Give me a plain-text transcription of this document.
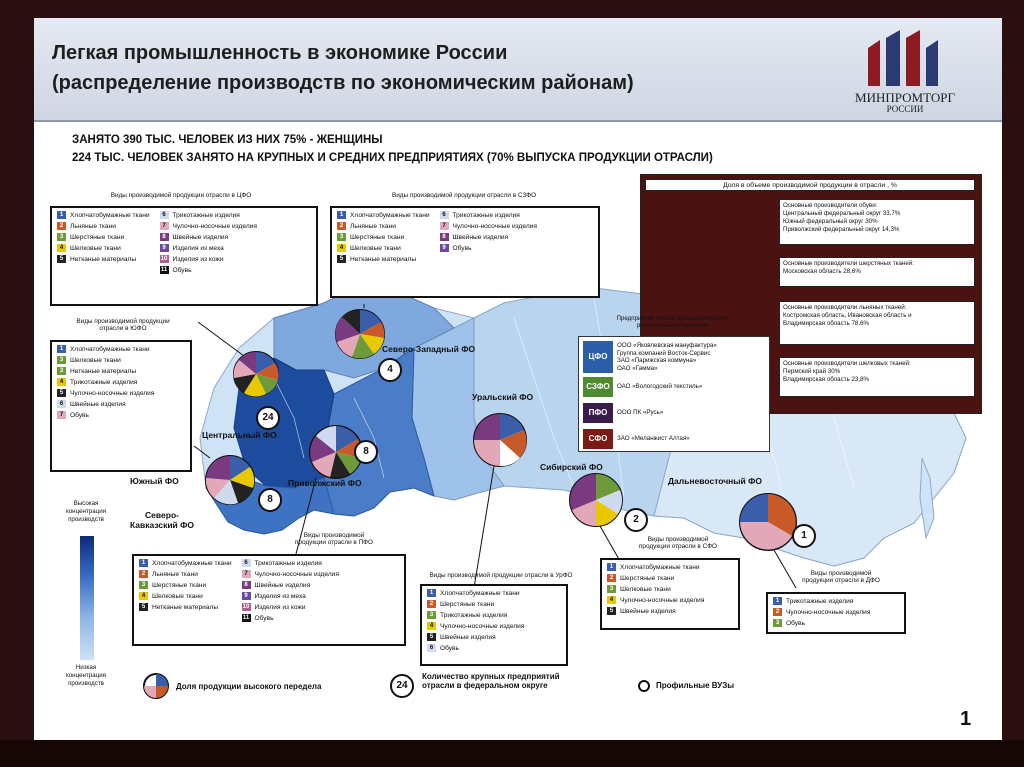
Легкая промышленность в экономике России
(распределение производств по экономическим районам)
МИНПРОМТОРГ
РОССИИ
ЗАНЯТО 390 ТЫС. ЧЕЛОВЕК ИЗ НИХ 75% - ЖЕНЩИНЫ
224 ТЫС. ЧЕЛОВЕК ЗАНЯТО НА КРУПНЫХ И СРЕДНИХ ПРЕДПРИЯТИЯХ (70% ВЫПУСКА ПРОДУКЦИИ ОТРАСЛИ)
Северо-Западный ФО
Центральный ФО
Приволжский ФО
Уральский ФО
Сибирский ФО
Дальневосточный ФО
Южный ФО
Северо-
Кавказский ФО
24
8
8
4
2
1
Виды производимой продукции отрасли в ЦФО
1 Хлопчатобумажные ткани
2 Льняные ткани
3 Шерстяные ткани
4 Шелковые ткани
5 Нетканые материалы
6 Трикотажные изделия
7 Чулочно-носочные изделия
8 Швейные изделия
9 Изделия из меха
10 Изделия из кожи
11 Обувь
Виды производимой продукции отрасли в СЗФО
1 Хлопчатобумажные ткани
2 Льняные ткани
3 Шерстяные ткани
4 Шелковые ткани
5 Нетканые материалы
6 Трикотажные изделия
7 Чулочно-носочные изделия
8 Швейные изделия
9 Обувь
Виды производимой продукции
отрасли в ЮФО
1 Хлопчатобумажные ткани
3 Шелковые ткани
3 Нетканые материалы
4 Трикотажные изделия
5 Чулочно-носочные изделия
6 Швейные изделия
7 Обувь
Виды производимой
продукции отрасли в ПФО
1 Хлопчатобумажные ткани
2 Льняные ткани
3 Шерстяные ткани
4 Шелковые ткани
5 Нетканые материалы
6 Трикотажные изделия
7 Чулочно-носочные изделия
8 Швейные изделия
9 Изделия из меха
10 Изделия из кожи
11 Обувь
Виды производимой продукции отрасли в УрФО
1 Хлопчатобумажные ткани
2 Шерстяные ткани
3 Трикотажные изделия
4 Чулочно-носочные изделия
5 Швейные изделия
6 Обувь
Виды производимой
продукции отрасли в СФО
1 Хлопчатобумажные ткани
2 Шерстяные ткани
3 Шелковые ткани
4 Чулочно-носочные изделия
5 Швейные изделия
Виды производимой
продукции отрасли в ДФО
1 Трикотажные изделия
2 Чулочно-носочные изделия
3 Обувь
Доля в объеме производимой продукции в отрасли , %
Основные производители обуви:
Центральный федеральный округ 33,7%
Южный федеральный округ 30%
Приволжский федеральный округ 14,3%
Основные производители шерстяных тканей:
Московская область 28,6%
Основные производители льняных тканей:
Костромская область, Ивановская область и
Владимирская область 78,6%
Основные производители шелковых тканей:
Пермский край 30%
Владимирская область 23,8%
Предприятия легкой промышленности
регионального значения
ЦФО
ООО «Яковлевская мануфактура»
Группа компаний Восток-Сервис
ЗАО «Парижская коммуна»
ОАО «Гамма»
СЗФО	ОАО «Вологодский текстиль»
ПФО	ООО ПК «Русь»
СФО	ЗАО «Меланжист Алтая»
Высокая
концентрация
производств
Низкая
концентрация
производств	Доля продукции высокого передела	24
Количество крупных предприятий
отрасли в федеральном округе	Профильные ВУЗы
1
